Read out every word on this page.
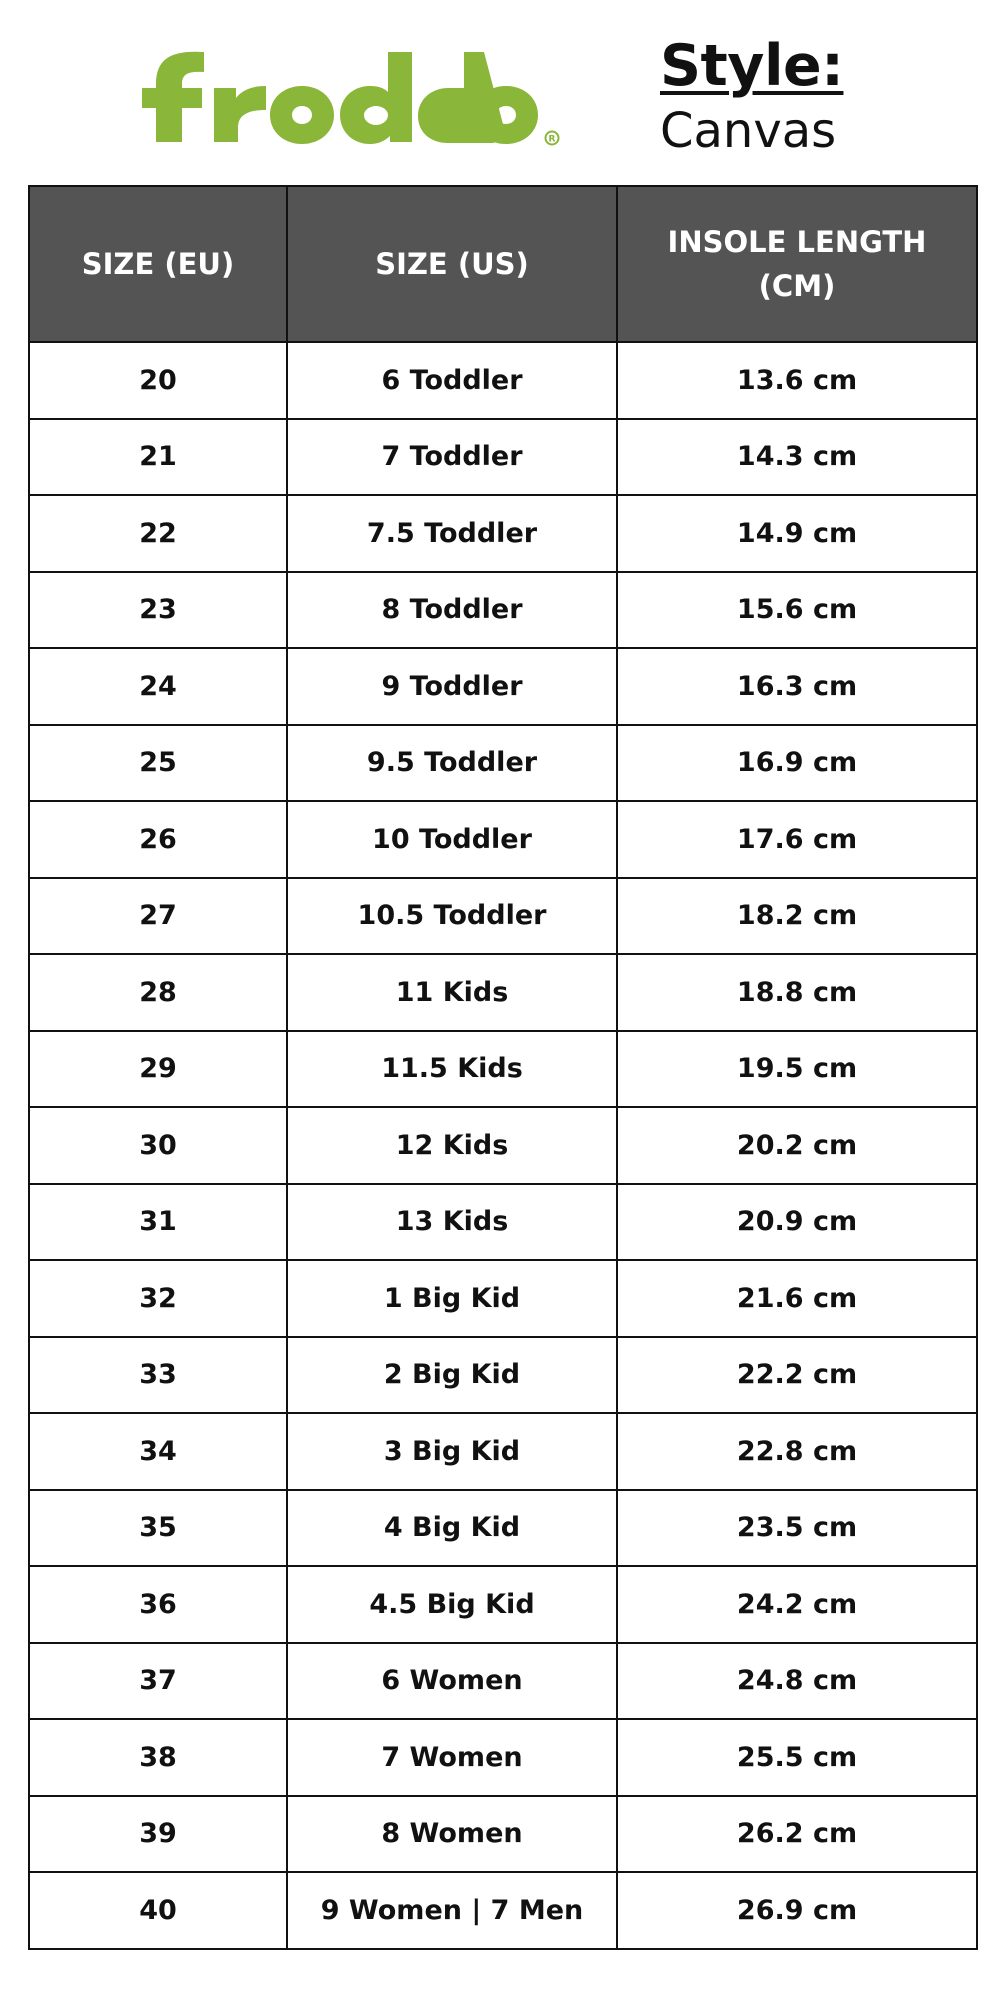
R
Style:
Canvas
SIZE (EU)	SIZE (US)	INSOLE LENGTH (CM)
20	6 Toddler	13.6 cm
21	7 Toddler	14.3 cm
22	7.5 Toddler	14.9 cm
23	8 Toddler	15.6 cm
24	9 Toddler	16.3 cm
25	9.5 Toddler	16.9 cm
26	10 Toddler	17.6 cm
27	10.5 Toddler	18.2 cm
28	11 Kids	18.8 cm
29	11.5 Kids	19.5 cm
30	12 Kids	20.2 cm
31	13 Kids	20.9 cm
32	1 Big Kid	21.6 cm
33	2 Big Kid	22.2 cm
34	3 Big Kid	22.8 cm
35	4 Big Kid	23.5 cm
36	4.5 Big Kid	24.2 cm
37	6 Women	24.8 cm
38	7 Women	25.5 cm
39	8 Women	26.2 cm
40	9 Women | 7 Men	26.9 cm
